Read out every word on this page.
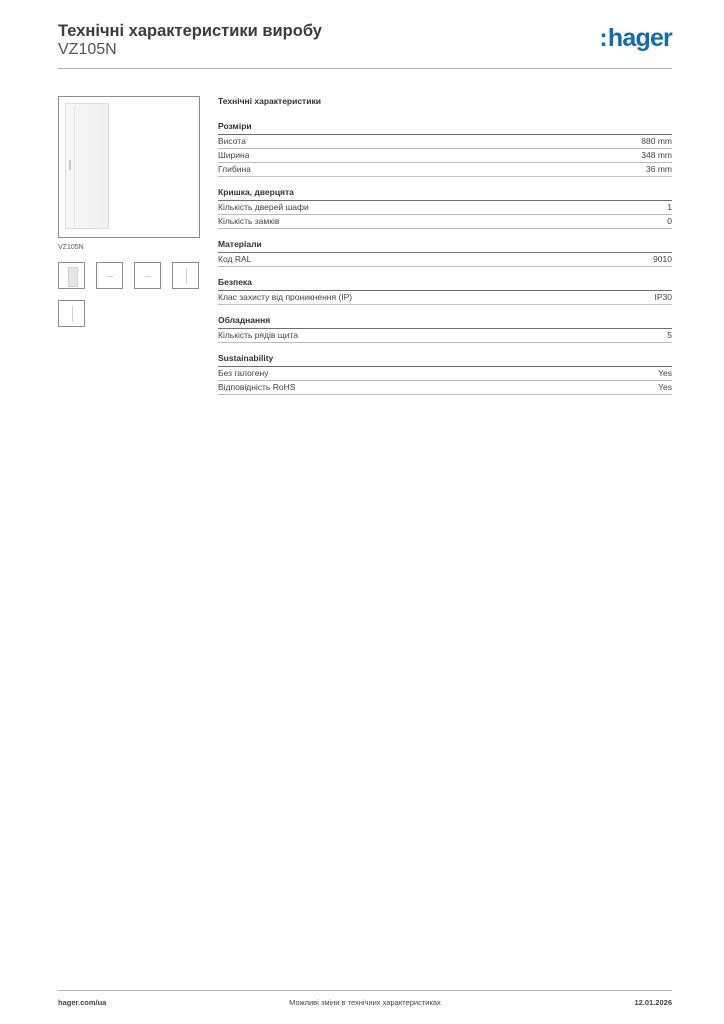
Технічні характеристики виробу
VZ105N	:hager
VZ105N
Технічні характеристики
Розміри
Висота	880 mm
Ширина	348 mm
Глибина	36 mm
Кришка, дверцята
Кількість дверей шафи	1
Кількість замків	0
Матеріали
Код RAL	9010
Безпека
Клас захисту від проникнення (IP)	IP30
Обладнання
Кількість рядів щита	5
Sustainability
Без галогену	Yes
Відповідність RoHS	Yes
hager.com/ua	Можливі зміни в технічних характеристиках	12.01.2026
